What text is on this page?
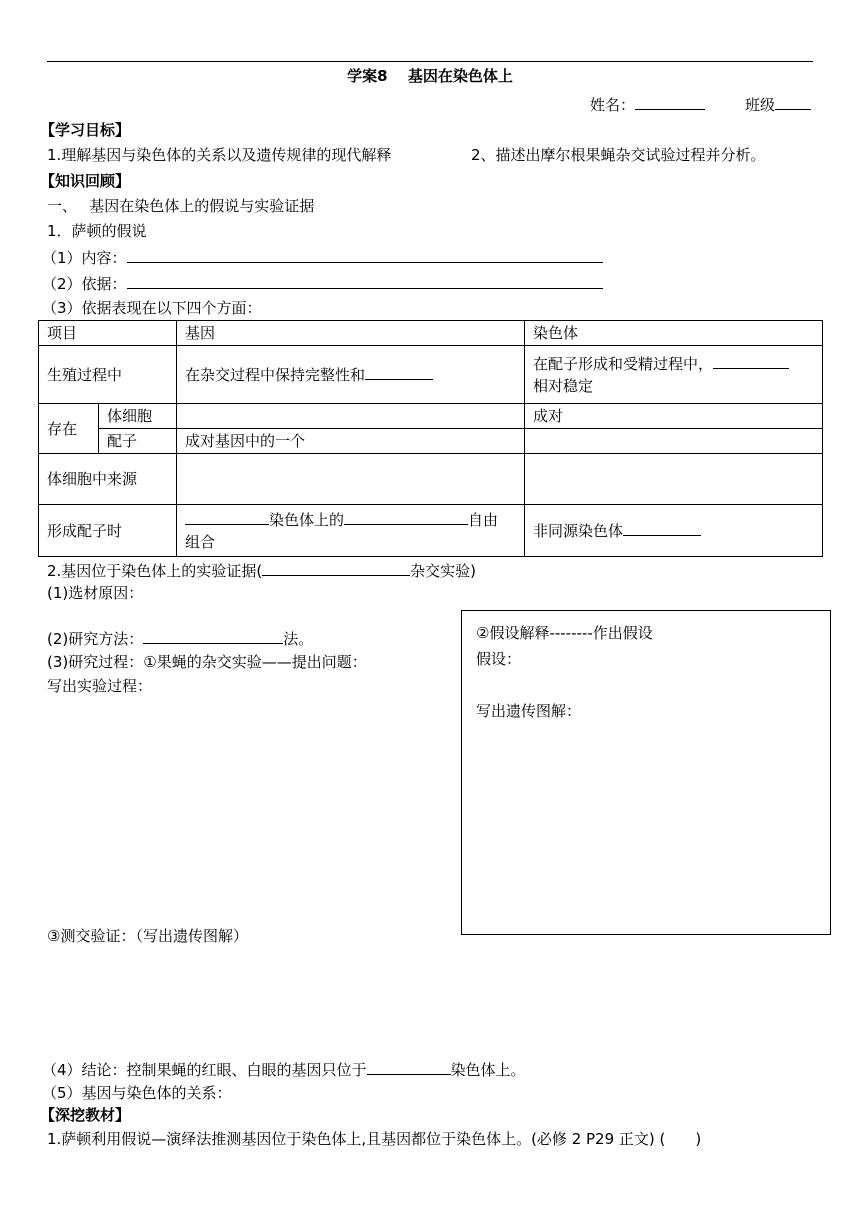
学案8　 基因在染色体上
姓名：	班级
【学习目标】
1.理解基因与染色体的关系以及遗传规律的现代解释	2、描述出摩尔根果蝇杂交试验过程并分析。
【知识回顾】
一、　 基因在染色体上的假说与实验证据
1．萨顿的假说
（1）内容：
（2）依据：
（3）依据表现在以下四个方面：
项目		基因	染色体
生殖过程中		在杂交过程中保持完整性和	在配子形成和受精过程中，
相对稳定
存在	体细胞		成对
	配子	成对基因中的一个	
体细胞中来源			
形成配子时		染色体上的 自由
组合	非同源染色体
2.基因位于染色体上的实验证据(	杂交实验)
(1)选材原因：
(2)研究方法：	法。
(3)研究过程：①果蝇的杂交实验——提出问题：
写出实验过程：
②假设解释--------作出假设
假设：
写出遗传图解：
③测交验证：（写出遗传图解）
（4）结论：控制果蝇的红眼、白眼的基因只位于	染色体上。
（5）基因与染色体的关系：
【深挖教材】
1.萨顿利用假说—演绎法推测基因位于染色体上,且基因都位于染色体上。(必修 2 P29 正文) (　　)
